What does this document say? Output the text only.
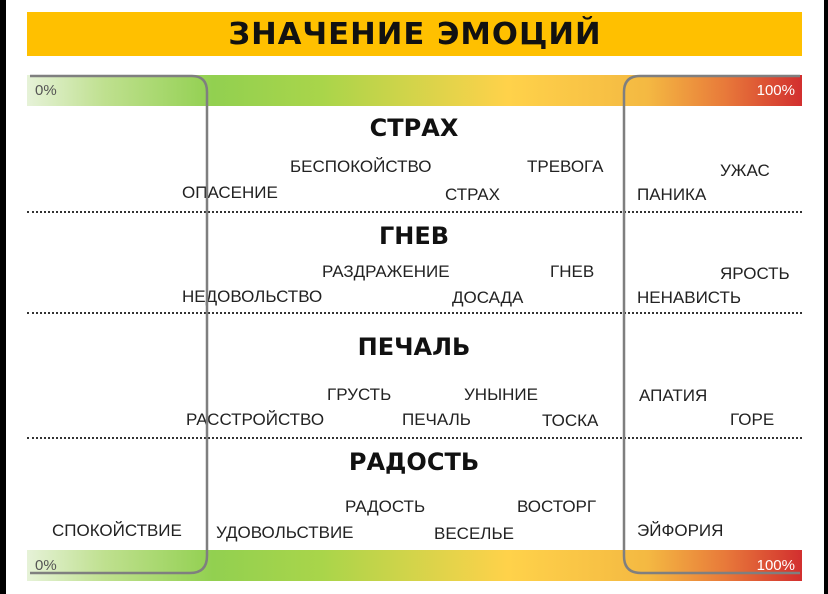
ЗНАЧЕНИЕ ЭМОЦИЙ
0%	100%
0%	100%
СТРАХ
ОПАСЕНИЕ
БЕСПОКОЙСТВО
СТРАХ
ТРЕВОГА
ПАНИКА
УЖАС
ГНЕВ
НЕДОВОЛЬСТВО
РАЗДРАЖЕНИЕ
ДОСАДА
ГНЕВ
НЕНАВИСТЬ
ЯРОСТЬ
ПЕЧАЛЬ
РАССТРОЙСТВО
ГРУСТЬ
ПЕЧАЛЬ
УНЫНИЕ
ТОСКА
АПАТИЯ
ГОРЕ
РАДОСТЬ
СПОКОЙСТВИЕ УДОВОЛЬСТВИЕ
РАДОСТЬ
ВЕСЕЛЬЕ
ВОСТОРГ
ЭЙФОРИЯ
